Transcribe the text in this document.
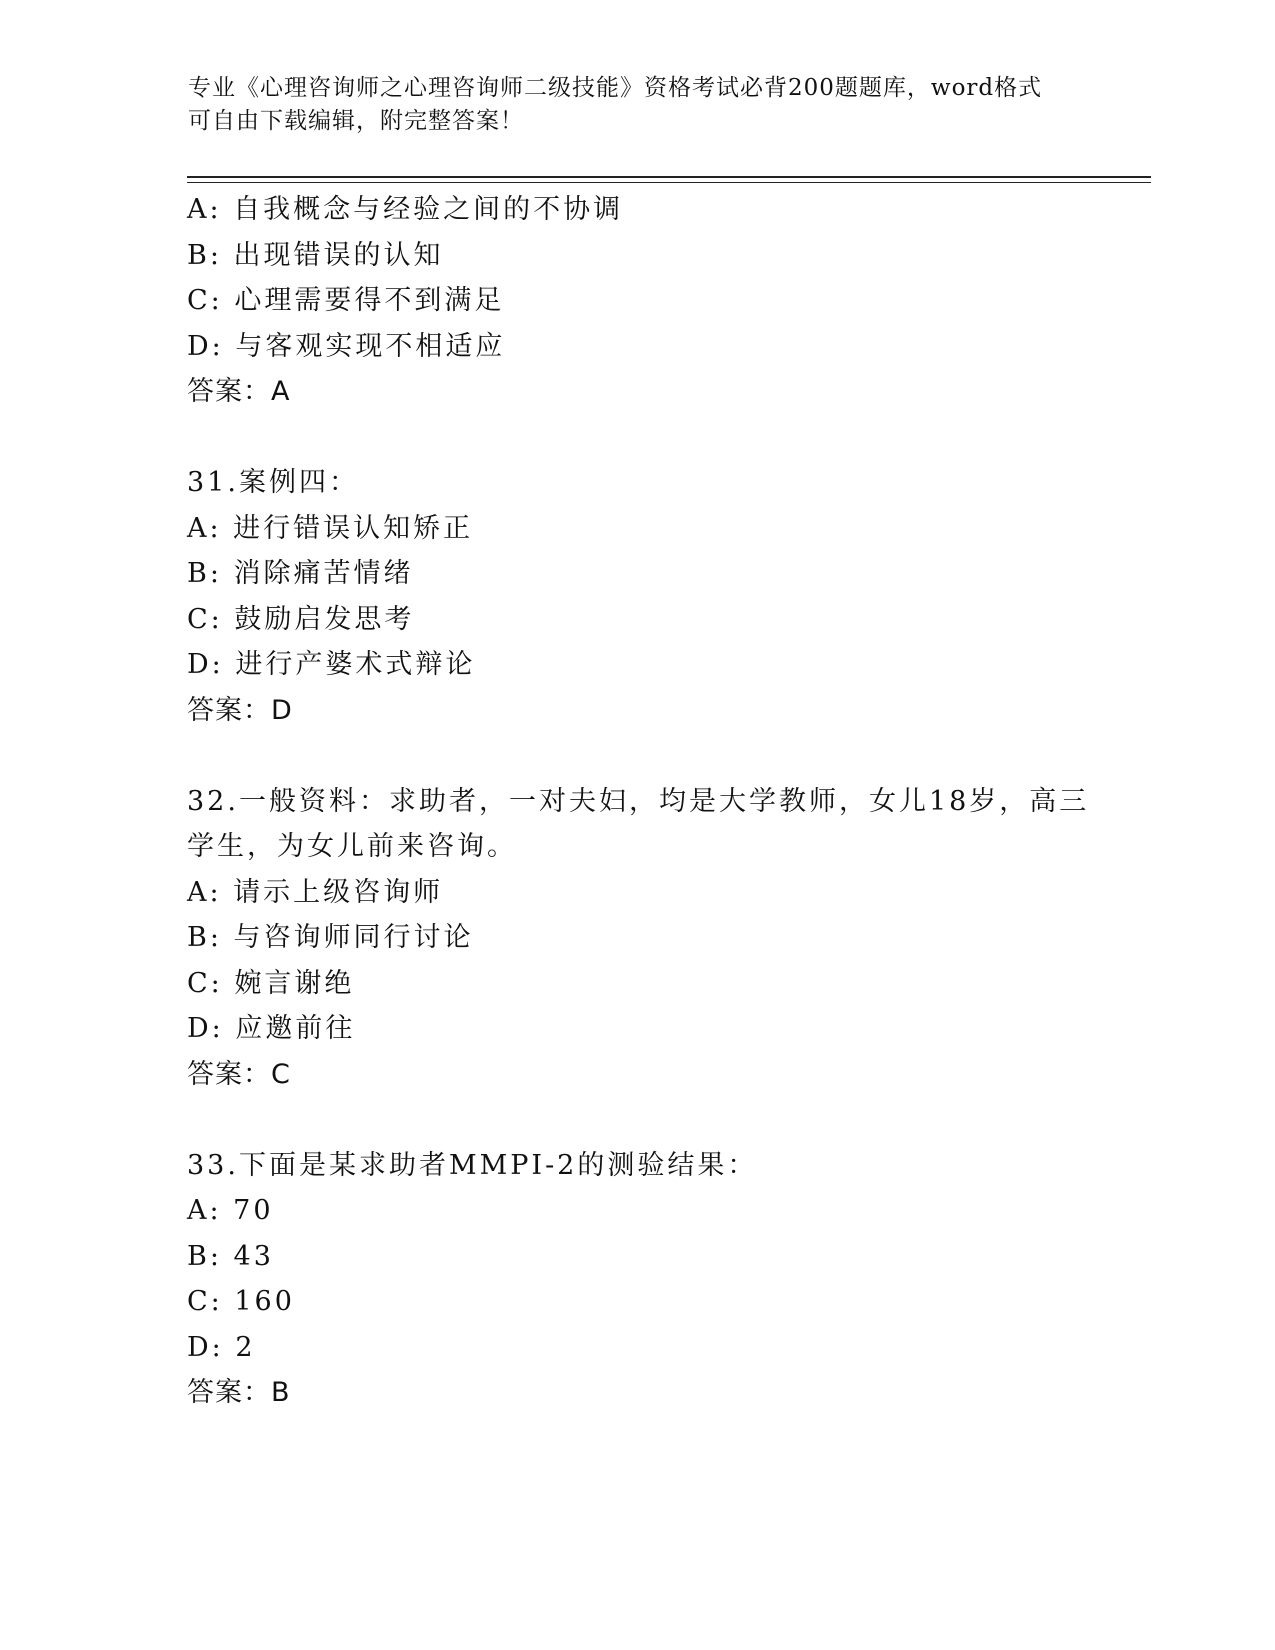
专业《心理咨询师之心理咨询师二级技能》资格考试必背200题题库，word格式
可自由下载编辑，附完整答案！
A: 自我概念与经验之间的不协调
B: 出现错误的认知
C: 心理需要得不到满足
D: 与客观实现不相适应
答案：A
31.案例四：
A: 进行错误认知矫正
B: 消除痛苦情绪
C: 鼓励启发思考
D: 进行产婆术式辩论
答案：D
32.一般资料：求助者，一对夫妇，均是大学教师，女儿18岁，高三
学生，为女儿前来咨询。
A: 请示上级咨询师
B: 与咨询师同行讨论
C: 婉言谢绝
D: 应邀前往
答案：C
33.下面是某求助者MMPI-2的测验结果：
A: 70
B: 43
C: 160
D: 2
答案：B
